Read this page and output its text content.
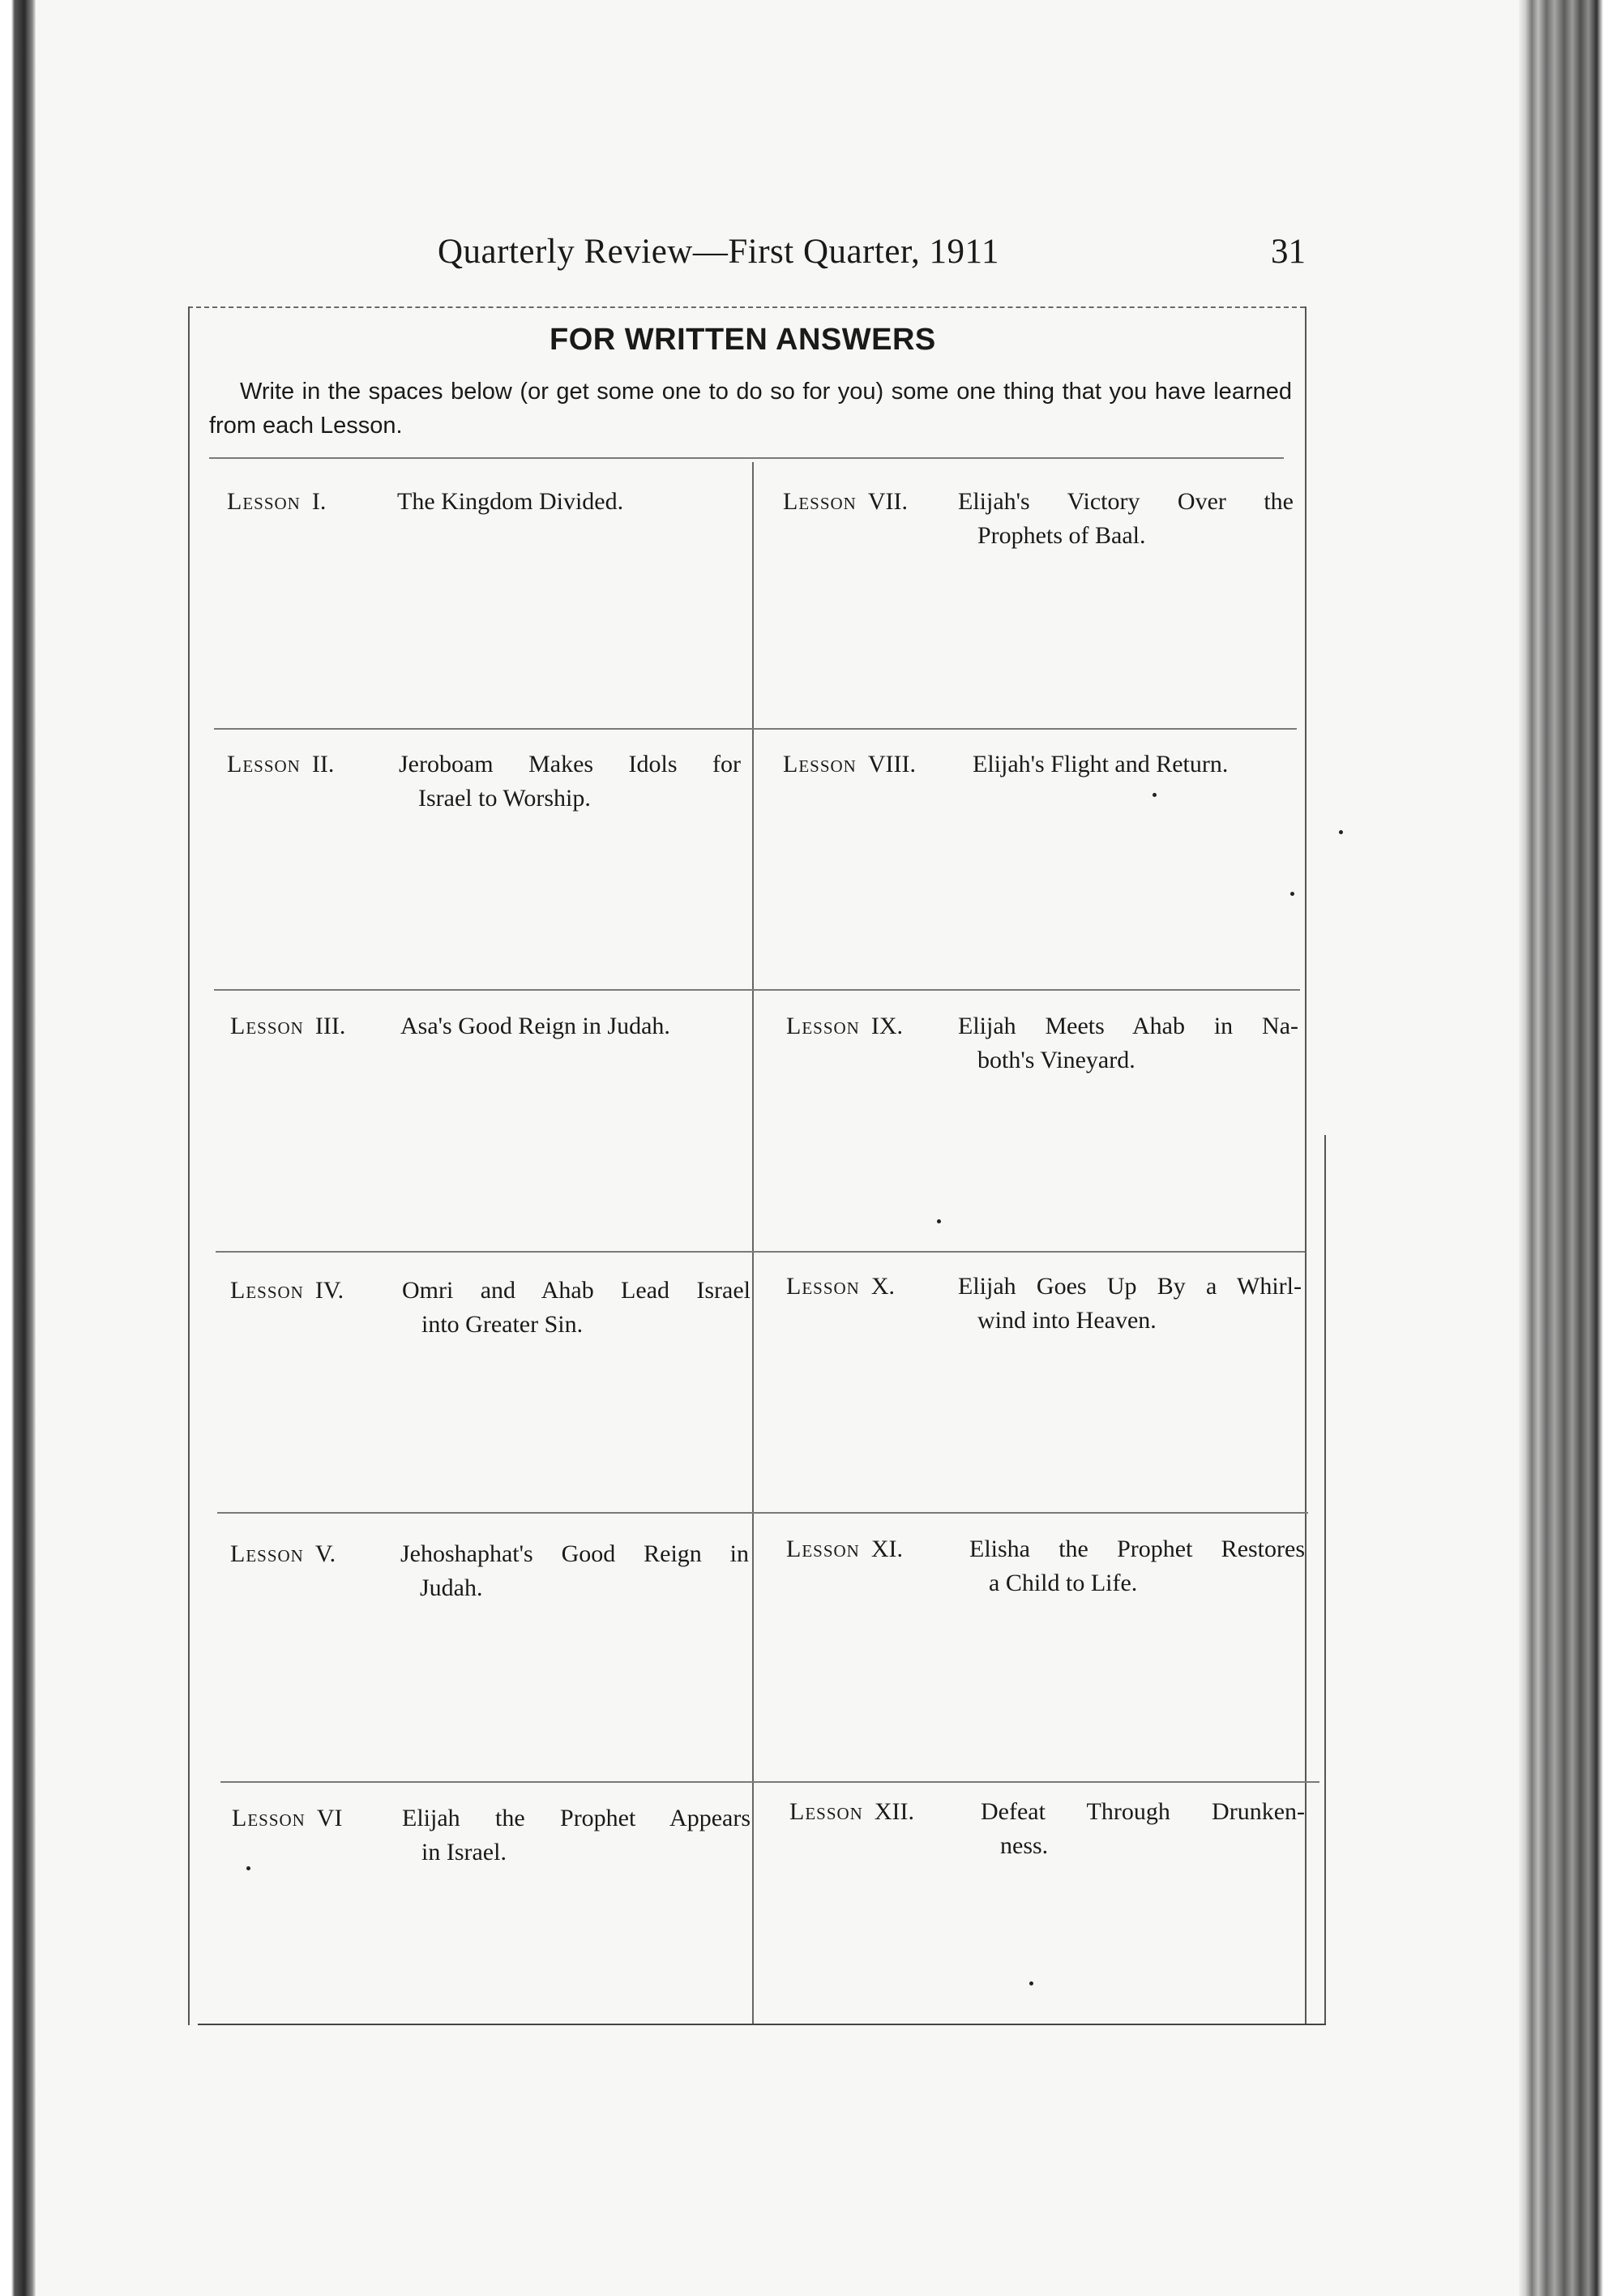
Quarterly Review—First Quarter, 1911	31
FOR WRITTEN ANSWERS
Write in the spaces below (or get some one to do so for you) some one thing that you have learned from each Lesson.
Lesson I.	The Kingdom Divided.
Lesson II.	Jeroboam Makes Idols for
Israel to Worship.
Lesson III. Asa's Good Reign in Judah.
Lesson IV. Omri and Ahab Lead Israel
into Greater Sin.
Lesson V.	Jehoshaphat's Good Reign in
Judah.
Lesson VI Elijah the Prophet Appears
in Israel.
Lesson VII. Elijah's Victory Over the
Prophets of Baal.
Lesson VIII. Elijah's Flight and Return.
Lesson IX. Elijah Meets Ahab in Na-
both's Vineyard.
Lesson X.	Elijah Goes Up By a Whirl-
wind into Heaven.
Lesson XI.	Elisha the Prophet Restores
a Child to Life.
Lesson XII.	Defeat Through Drunken-
ness.
